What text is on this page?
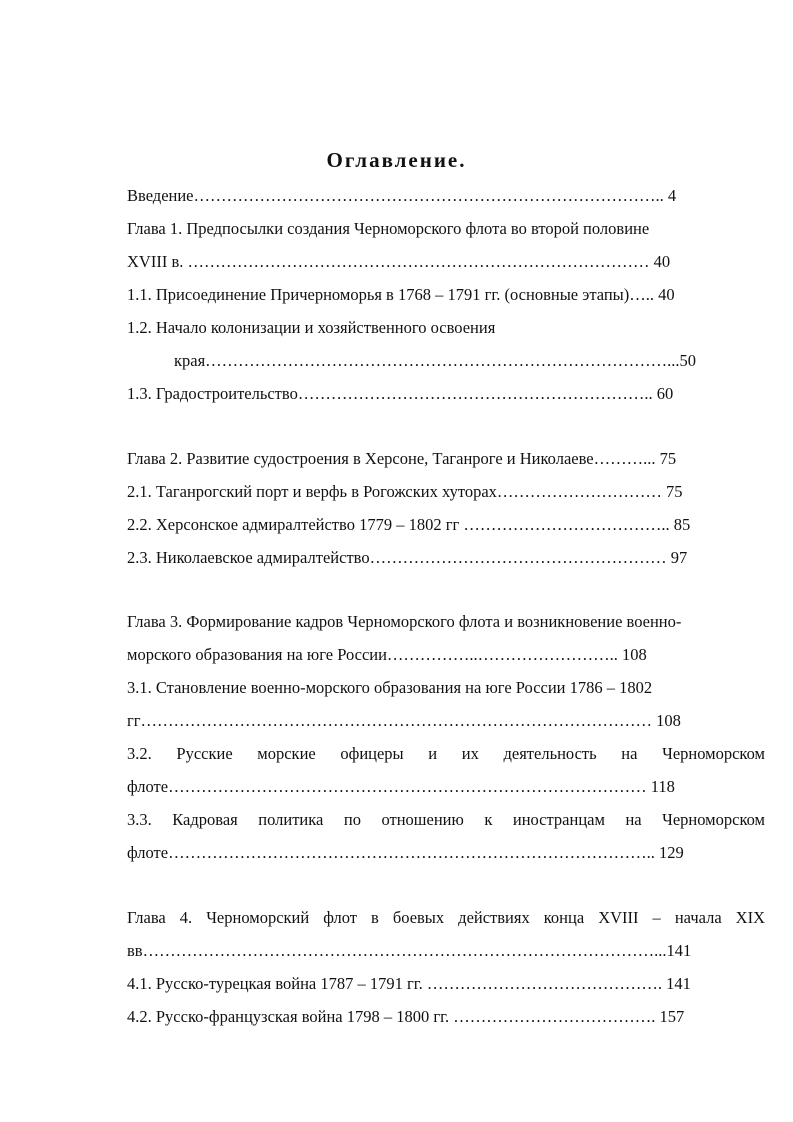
Оглавление.
Введение………………………………………………………………………….. 4
Глава 1. Предпосылки создания Черноморского флота во второй половине
XVIII в. ………………………………………………………………………… 40
1.1. Присоединение Причерноморья в 1768 – 1791 гг. (основные этапы)….. 40
1.2. Начало колонизации и хозяйственного освоения
края…………………………………………………………………………...50
1.3. Градостроительство……………………………………………………….. 60
Глава 2. Развитие судостроения в Херсоне, Таганроге и Николаеве………... 75
2.1. Таганрогский порт и верфь в Рогожских хуторах………………………… 75
2.2. Херсонское адмиралтейство 1779 – 1802 гг ……………………………….. 85
2.3. Николаевское адмиралтейство……………………………………………… 97
Глава 3. Формирование кадров Черноморского флота и возникновение военно-
морского образования на юге России……………..…………………….. 108
3.1. Становление военно-морского образования на юге России 1786 – 1802
гг………………………………………………………………………………… 108
3.2. Русские морские офицеры и их деятельность на Черноморском
флоте…………………………………………………………………………… 118
3.3. Кадровая политика по отношению к иностранцам на Черноморском
флоте…………………………………………………………………………….. 129
Глава 4. Черноморский флот в боевых действиях конца XVIII – начала XIX
вв…………………………………………………………………………………...141
4.1. Русско-турецкая война 1787 – 1791 гг. ……………………………………. 141
4.2. Русско-французская война 1798 – 1800 гг. ………………………………. 157
